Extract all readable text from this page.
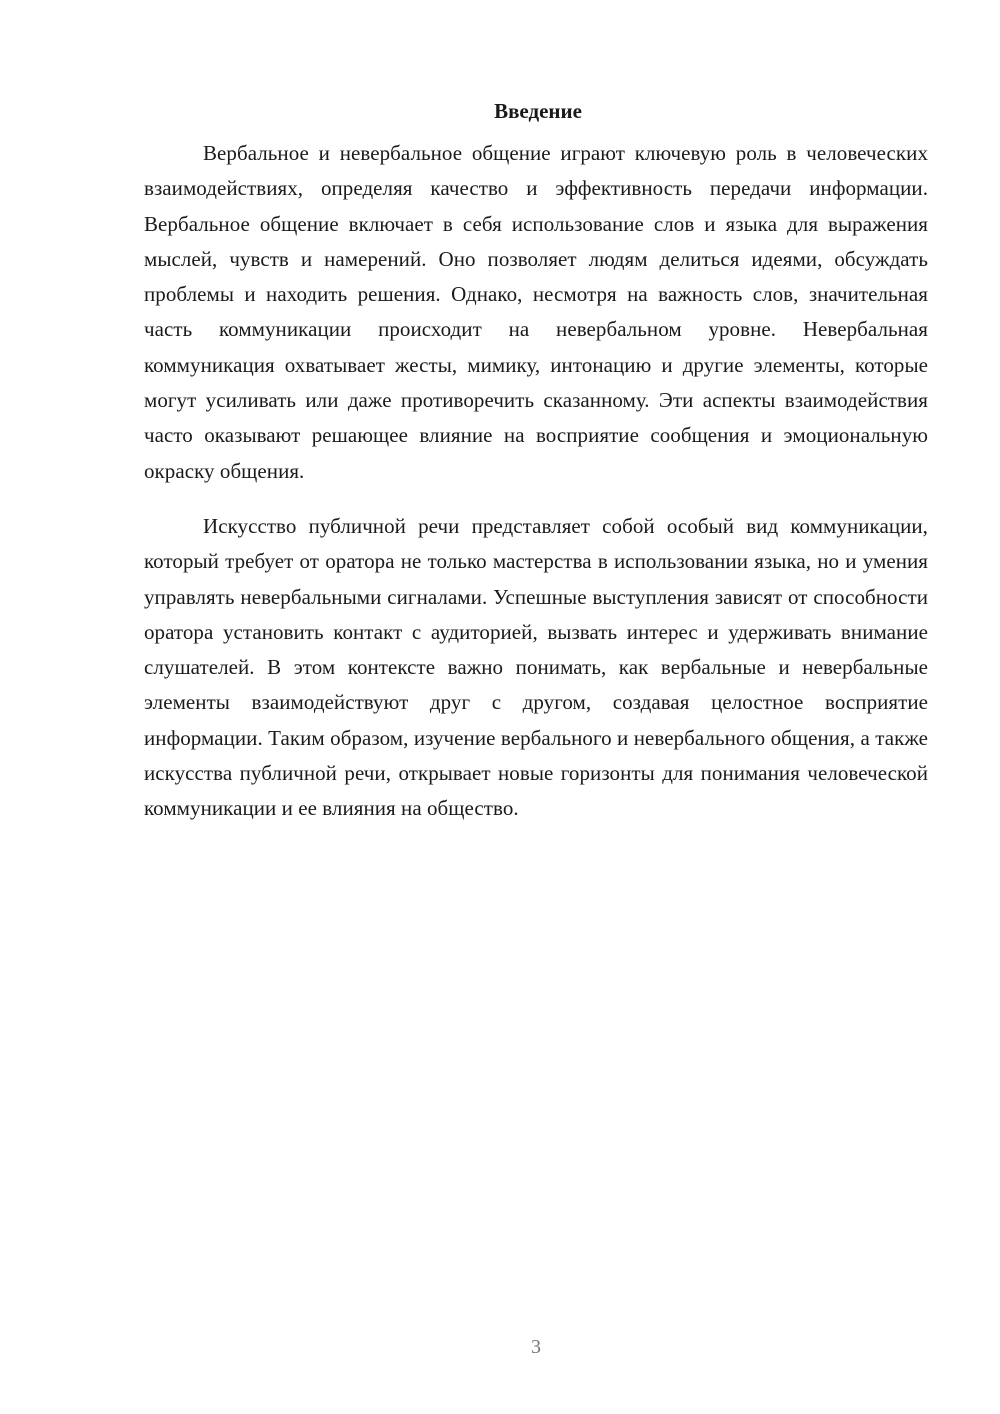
Введение

Вербальное и невербальное общение играют ключевую роль в человеческих взаимодействиях, определяя качество и эффективность передачи информации. Вербальное общение включает в себя использование слов и языка для выражения мыслей, чувств и намерений. Оно позволяет людям делиться идеями, обсуждать проблемы и находить решения. Однако, несмотря на важность слов, значительная часть коммуникации происходит на невербальном уровне. Невербальная коммуникация охватывает жесты, мимику, интонацию и другие элементы, которые могут усиливать или даже противоречить сказанному. Эти аспекты взаимодействия часто оказывают решающее влияние на восприятие сообщения и эмоциональную окраску общения.

Искусство публичной речи представляет собой особый вид коммуникации, который требует от оратора не только мастерства в использовании языка, но и умения управлять невербальными сигналами. Успешные выступления зависят от способности оратора установить контакт с аудиторией, вызвать интерес и удерживать внимание слушателей. В этом контексте важно понимать, как вербальные и невербальные элементы взаимодействуют друг с другом, создавая целостное восприятие информации. Таким образом, изучение вербального и невербального общения, а также искусства публичной речи, открывает новые горизонты для понимания человеческой коммуникации и ее влияния на общество.

3
